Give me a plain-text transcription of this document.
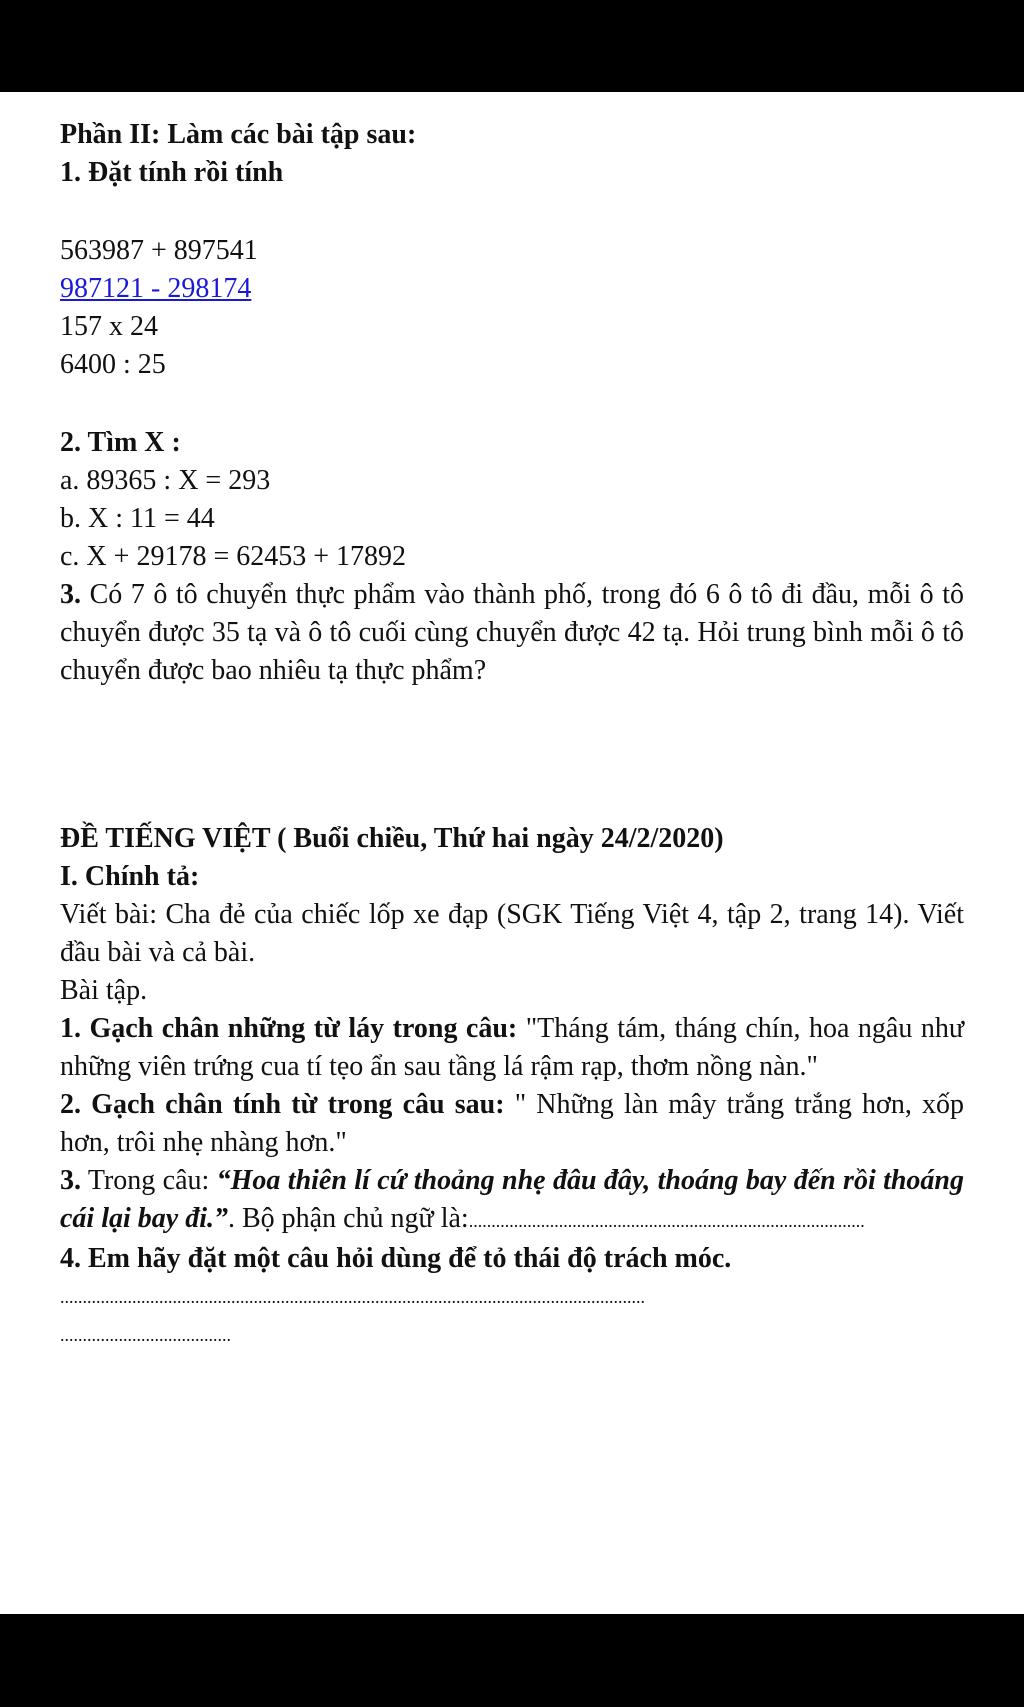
Phần II: Làm các bài tập sau:
1. Đặt tính rồi tính
563987 + 897541
987121 - 298174
157 x 24
6400 : 25
2. Tìm X :
a. 89365 : X = 293
b. X : 11 = 44
c. X + 29178 = 62453 + 17892
3. Có 7 ô tô chuyển thực phẩm vào thành phố, trong đó 6 ô tô đi đầu, mỗi ô tô chuyển được 35 tạ và ô tô cuối cùng chuyển được 42 tạ. Hỏi trung bình mỗi ô tô chuyển được bao nhiêu tạ thực phẩm?
ĐỀ TIẾNG VIỆT ( Buổi chiều, Thứ hai ngày 24/2/2020)
I. Chính tả:
Viết bài: Cha đẻ của chiếc lốp xe đạp (SGK Tiếng Việt 4, tập 2, trang 14). Viết đầu bài và cả bài.
Bài tập.
1. Gạch chân những từ láy trong câu: "Tháng tám, tháng chín, hoa ngâu như những viên trứng cua tí tẹo ẩn sau tầng lá rậm rạp, thơm nồng nàn."
2. Gạch chân tính từ trong câu sau: " Những làn mây trắng trắng hơn, xốp hơn, trôi nhẹ nhàng hơn."
3. Trong câu: “Hoa thiên lí cứ thoảng nhẹ đâu đây, thoáng bay đến rồi thoáng cái lại bay đi.”. Bộ phận chủ ngữ là:........................................................................................
4. Em hãy đặt một câu hỏi dùng để tỏ thái độ trách móc.
..................................................................................................................................
......................................
